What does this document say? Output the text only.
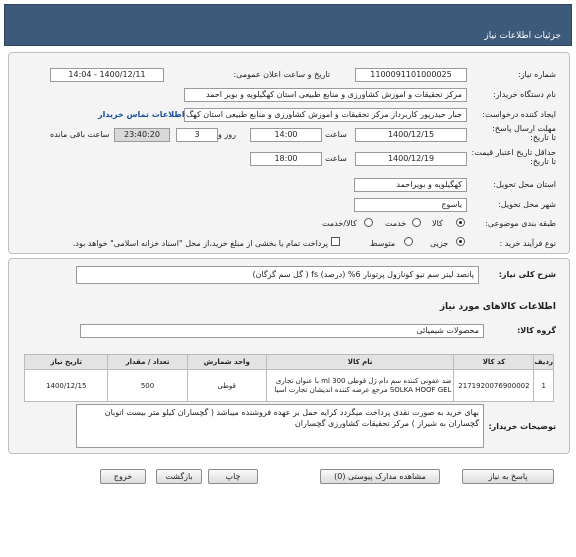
جزئیات اطلاعات نیاز
شماره نیاز:
1100091101000025
تاریخ و ساعت اعلان عمومی:
1400/12/11 - 14:04
نام دستگاه خریدار:
مرکز تحقیقات و اموزش کشاورزی و منابع طبیعی استان کهگیلویه و بویر احمد
ایجاد کننده درخواست:
جبار حیدرپور کاربرداز مرکز تحقیقات و اموزش کشاورزی و منابع طبیعی استان کهگ
اطلاعات تماس خریدار
مهلت ارسال پاسخ: تا تاریخ:
1400/12/15
ساعت
14:00
روز و
3
23:40:20
ساعت باقی مانده
حداقل تاریخ اعتبار قیمت: تا تاریخ:
1400/12/19
ساعت
18:00
استان محل تحویل:
کهگیلویه و بویراحمد
شهر محل تحویل:
یاسوج
طبقه بندی موضوعی:
کالا
خدمت
کالا/خدمت
نوع فرآیند خرید :
جزیی
متوسط
پرداخت تمام یا بخشی از مبلغ خرید،از محل "اسناد خزانه اسلامی" خواهد بود.
شرح کلی نیاز:
پانصد لیتر سم تیو کونازول پرتونار 6% (درصد) fs ( گل سم گرگان)
اطلاعات کالاهای مورد نیاز
گروه کالا:
محصولات شیمیائی
ردیف	کد کالا	نام کالا	واحد شمارش	تعداد / مقدار	تاریخ نیاز
1	2171920076900002	ضد عفونی کننده سم دام ژل قوطی 300 ml با عنوان تجاری SOLKA HOOF GEL مرجع عرضه کننده اندیشان تجارت اسیا	قوطی	500	1400/12/15
توضیحات خریدار:
بهای خرید به صورت نقدی پرداخت میگردد کرایه حمل بر عهده فروشنده میباشد ( گچساران کیلو متر بیست اتوبان گچساران به شیراز ) مرکز تحقیقات کشاورزی گچساران
پاسخ به نیاز
مشاهده مدارک پیوستی (0)
چاپ
بازگشت
خروج
